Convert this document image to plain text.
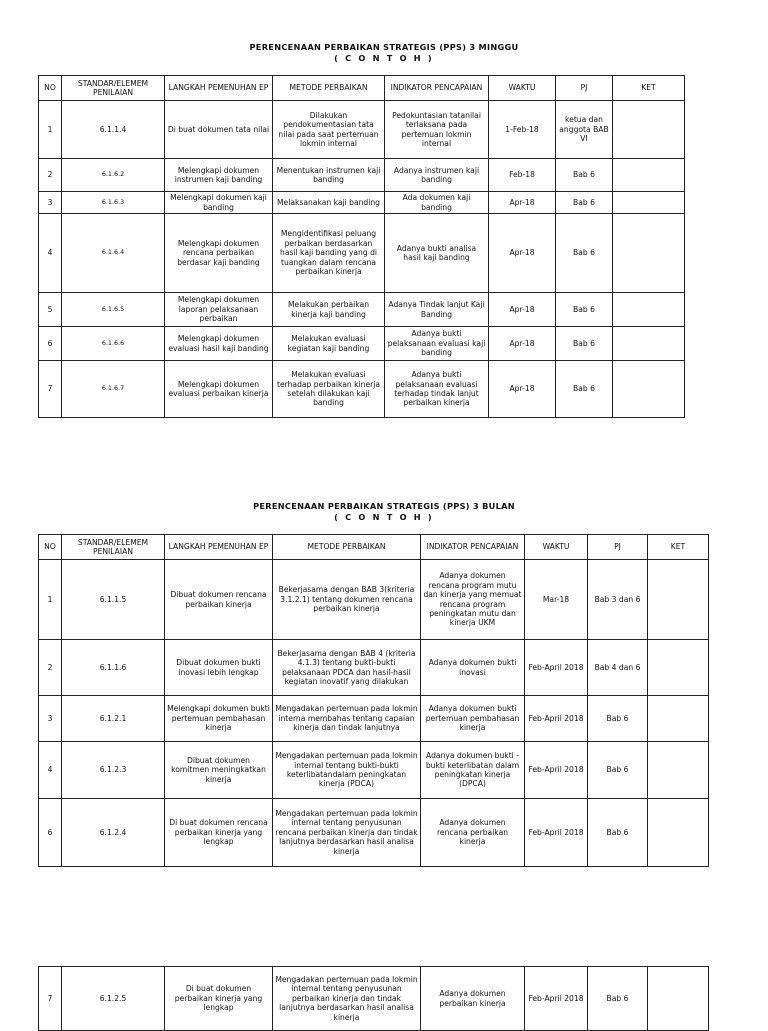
PERENCENAAN PERBAIKAN STRATEGIS (PPS) 3 MINGGU
( C O N T O H )
NO	STANDAR/ELEMEM PENILAIAN	LANGKAH PEMENUHAN EP	METODE PERBAIKAN	INDIKATOR PENCAPAIAN	WAKTU	PJ	KET
1	6.1.1.4	Di buat dokumen tata nilai	Dilakukan pendokumentasian tata nilai pada saat pertemuan lokmin internal	Pedokuntasian tatanilai terlaksana pada pertemuan lokmin internal	1-Feb-18	ketua dan anggota BAB VI	
2	6.1.6.2	Melengkapi dokumen instrumen kaji banding	Menentukan instrumen kaji banding	Adanya instrumen kaji banding	Feb-18	Bab 6	
3	6.1.6.3	Melengkapi dokumen kaji banding	Melaksanakan kaji banding	Ada dokumen kaji banding	Apr-18	Bab 6	
4	6.1.6.4	Melengkapi dokumen rencana perbaikan berdasar kaji banding	Mengidentifikasi peluang perbaikan berdasarkan hasil kaji banding yang di tuangkan dalam rencana perbaikan kinerja	Adanya bukti analisa hasil kaji banding	Apr-18	Bab 6	
5	6.1.6.5	Melengkapi dokumen laporan pelaksanaan perbaikan	Melakukan perbaikan kinerja kaji banding	Adanya Tindak lanjut Kaji Banding	Apr-18	Bab 6	
6	6.1.6.6	Melengkapi dokumen evaluasi hasil kaji banding	Melakukan evaluasi kegiatan kaji banding	Adanya bukti pelaksanaan evaluasi kaji banding	Apr-18	Bab 6	
7	6.1.6.7	Melengkapi dokumen evaluasi perbaikan kinerja	Melakukan evaluasi terhadap perbaikan kinerja setelah dilakukan kaji banding	Adanya bukti pelaksanaan evaluasi terhadap tindak lanjut perbaikan kinerja	Apr-18	Bab 6	
PERENCENAAN PERBAIKAN STRATEGIS (PPS) 3 BULAN
( C O N T O H )
NO	STANDAR/ELEMEM PENILAIAN	LANGKAH PEMENUHAN EP	METODE PERBAIKAN	INDIKATOR PENCAPAIAN	WAKTU	PJ	KET
1	6.1.1.5	Dibuat dokumen rencana perbaikan kinerja	Bekerjasama dengan BAB 3(kriteria 3.1.2.1) tentang dokumen rencana perbaikan kinerja	Adanya dokumen rencana program mutu dan kinerja yang memuat rencana program peningkatan mutu dan kinerja UKM	Mar-18	Bab 3 dan 6	
2	6.1.1.6	Dibuat dokumen bukti inovasi lebih lengkap	Bekerjasama dengan BAB 4 (kriteria 4.1.3) tentang bukti-bukti pelaksanaan PDCA dan hasil-hasil kegiatan inovatif yang dilakukan	Adanya dokumen bukti inovasi	Feb-April 2018	Bab 4 dan 6	
3	6.1.2.1	Melengkapi dokumen bukti pertemuan pembahasan kinerja	Mengadakan pertemuan pada lokmin interna membahas tentang capaian kinerja dan tindak lanjutnya	Adanya dokumen bukti pertemuan pembahasan kinerja	Feb-April 2018	Bab 6	
4	6.1.2.3	Dibuat dokumen komitmen meningkatkan kinerja	Mengadakan pertemuan pada lokmin internal tentang bukti-bukti keterlibatandalam peningkatan kinerja (PDCA)	Adanya dokumen bukti - bukti keterlibatan dalam peningkatan kinerja (DPCA)	Feb-April 2018	Bab 6	
6	6.1.2.4	Di buat dokumen rencana perbaikan kinerja yang lengkap	Mengadakan pertemuan pada lokmin internal tentang penyusunan rencana perbaikan kinerja dan tindak lanjutnya berdasarkan hasil analisa kinerja	Adanya dokumen rencana perbaikan kinerja	Feb-April 2018	Bab 6	
7	6.1.2.5	Di buat dokumen perbaikan kinerja yang lengkap	Mengadakan pertemuan pada lokmin internal tentang penyusunan perbaikan kinerja dan tindak lanjutnya berdasarkan hasil analisa kinerja	Adanya dokumen perbaikan kinerja	Feb-April 2018	Bab 6	
